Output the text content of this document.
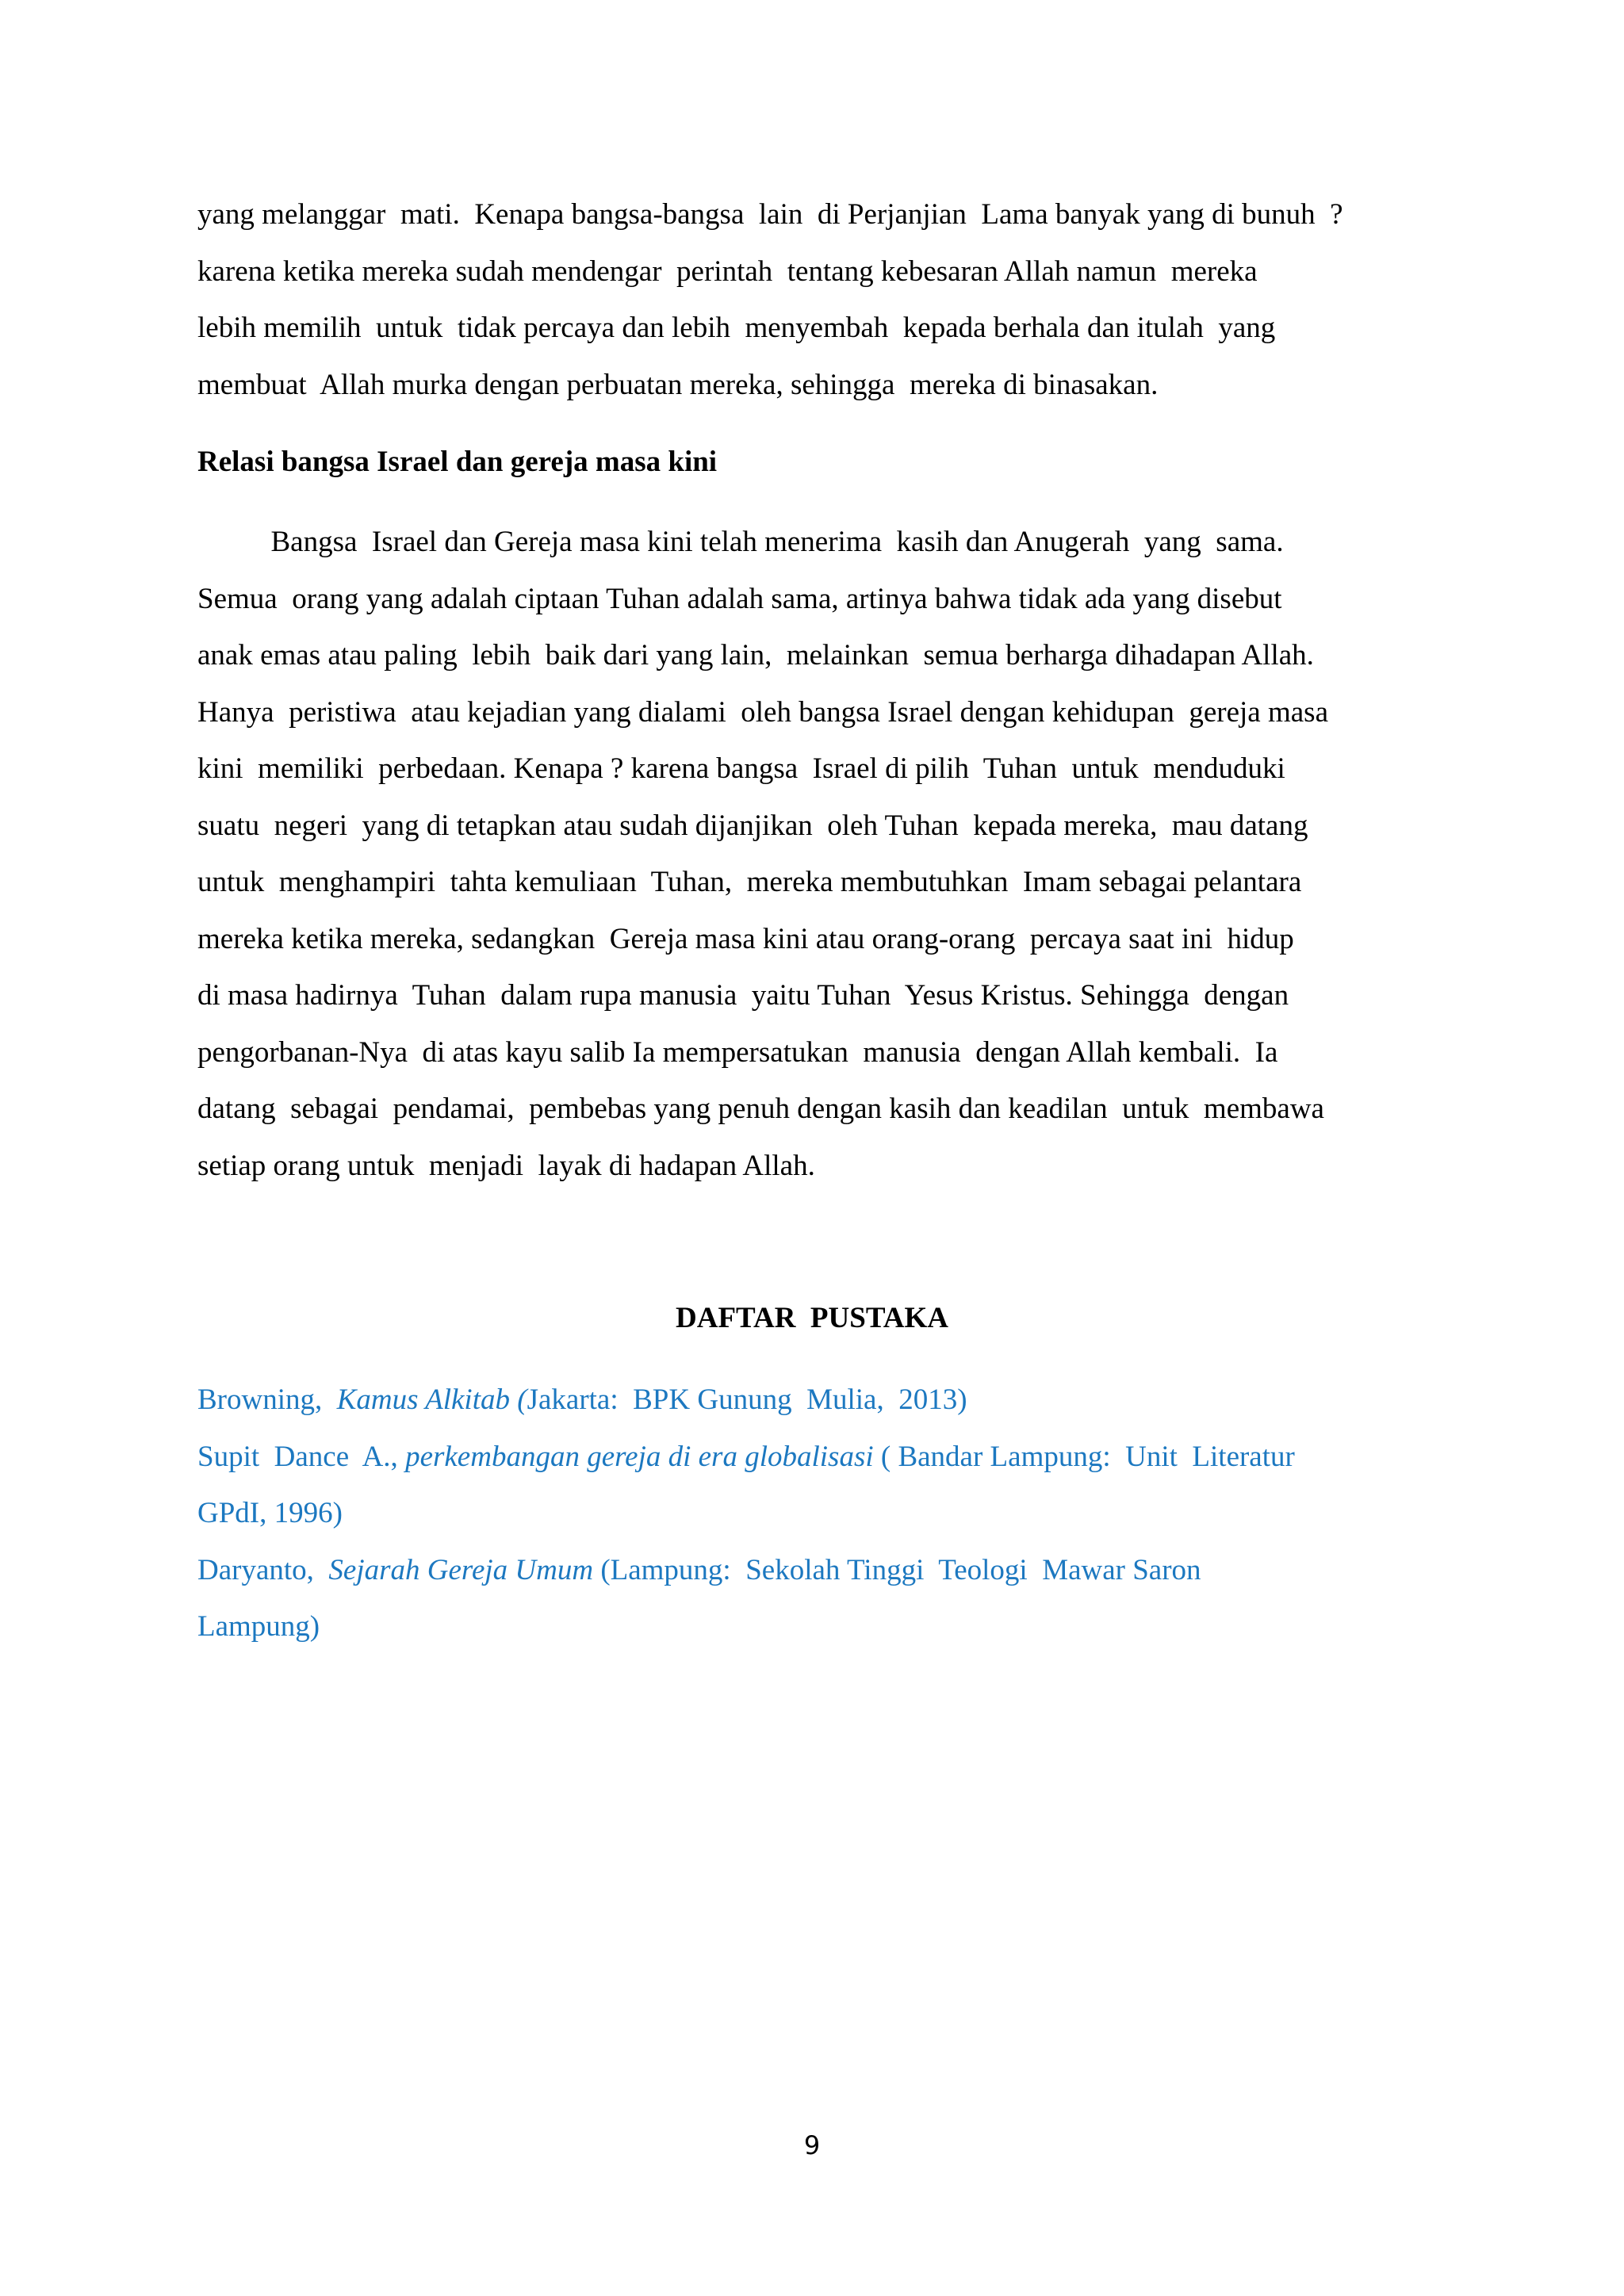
yang melanggar  mati.  Kenapa bangsa-bangsa  lain  di Perjanjian  Lama banyak yang di bunuh  ?
karena ketika mereka sudah mendengar  perintah  tentang kebesaran Allah namun  mereka
lebih memilih  untuk  tidak percaya dan lebih  menyembah  kepada berhala dan itulah  yang
membuat  Allah murka dengan perbuatan mereka, sehingga  mereka di binasakan.
Relasi bangsa Israel dan gereja masa kini
Bangsa  Israel dan Gereja masa kini telah menerima  kasih dan Anugerah  yang  sama.
Semua  orang yang adalah ciptaan Tuhan adalah sama, artinya bahwa tidak ada yang disebut
anak emas atau paling  lebih  baik dari yang lain,  melainkan  semua berharga dihadapan Allah.
Hanya  peristiwa  atau kejadian yang dialami  oleh bangsa Israel dengan kehidupan  gereja masa
kini  memiliki  perbedaan. Kenapa ? karena bangsa  Israel di pilih  Tuhan  untuk  menduduki
suatu  negeri  yang di tetapkan atau sudah dijanjikan  oleh Tuhan  kepada mereka,  mau datang
untuk  menghampiri  tahta kemuliaan  Tuhan,  mereka membutuhkan  Imam sebagai pelantara
mereka ketika mereka, sedangkan  Gereja masa kini atau orang-orang  percaya saat ini  hidup
di masa hadirnya  Tuhan  dalam rupa manusia  yaitu Tuhan  Yesus Kristus. Sehingga  dengan
pengorbanan-Nya  di atas kayu salib Ia mempersatukan  manusia  dengan Allah kembali.  Ia
datang  sebagai  pendamai,  pembebas yang penuh dengan kasih dan keadilan  untuk  membawa
setiap orang untuk  menjadi  layak di hadapan Allah.
DAFTAR  PUSTAKA
Browning,  Kamus Alkitab (Jakarta:  BPK Gunung  Mulia,  2013)
Supit  Dance  A., perkembangan gereja di era globalisasi ( Bandar Lampung:  Unit  Literatur
GPdI, 1996)
Daryanto,  Sejarah Gereja Umum (Lampung:  Sekolah Tinggi  Teologi  Mawar Saron
Lampung)
9
